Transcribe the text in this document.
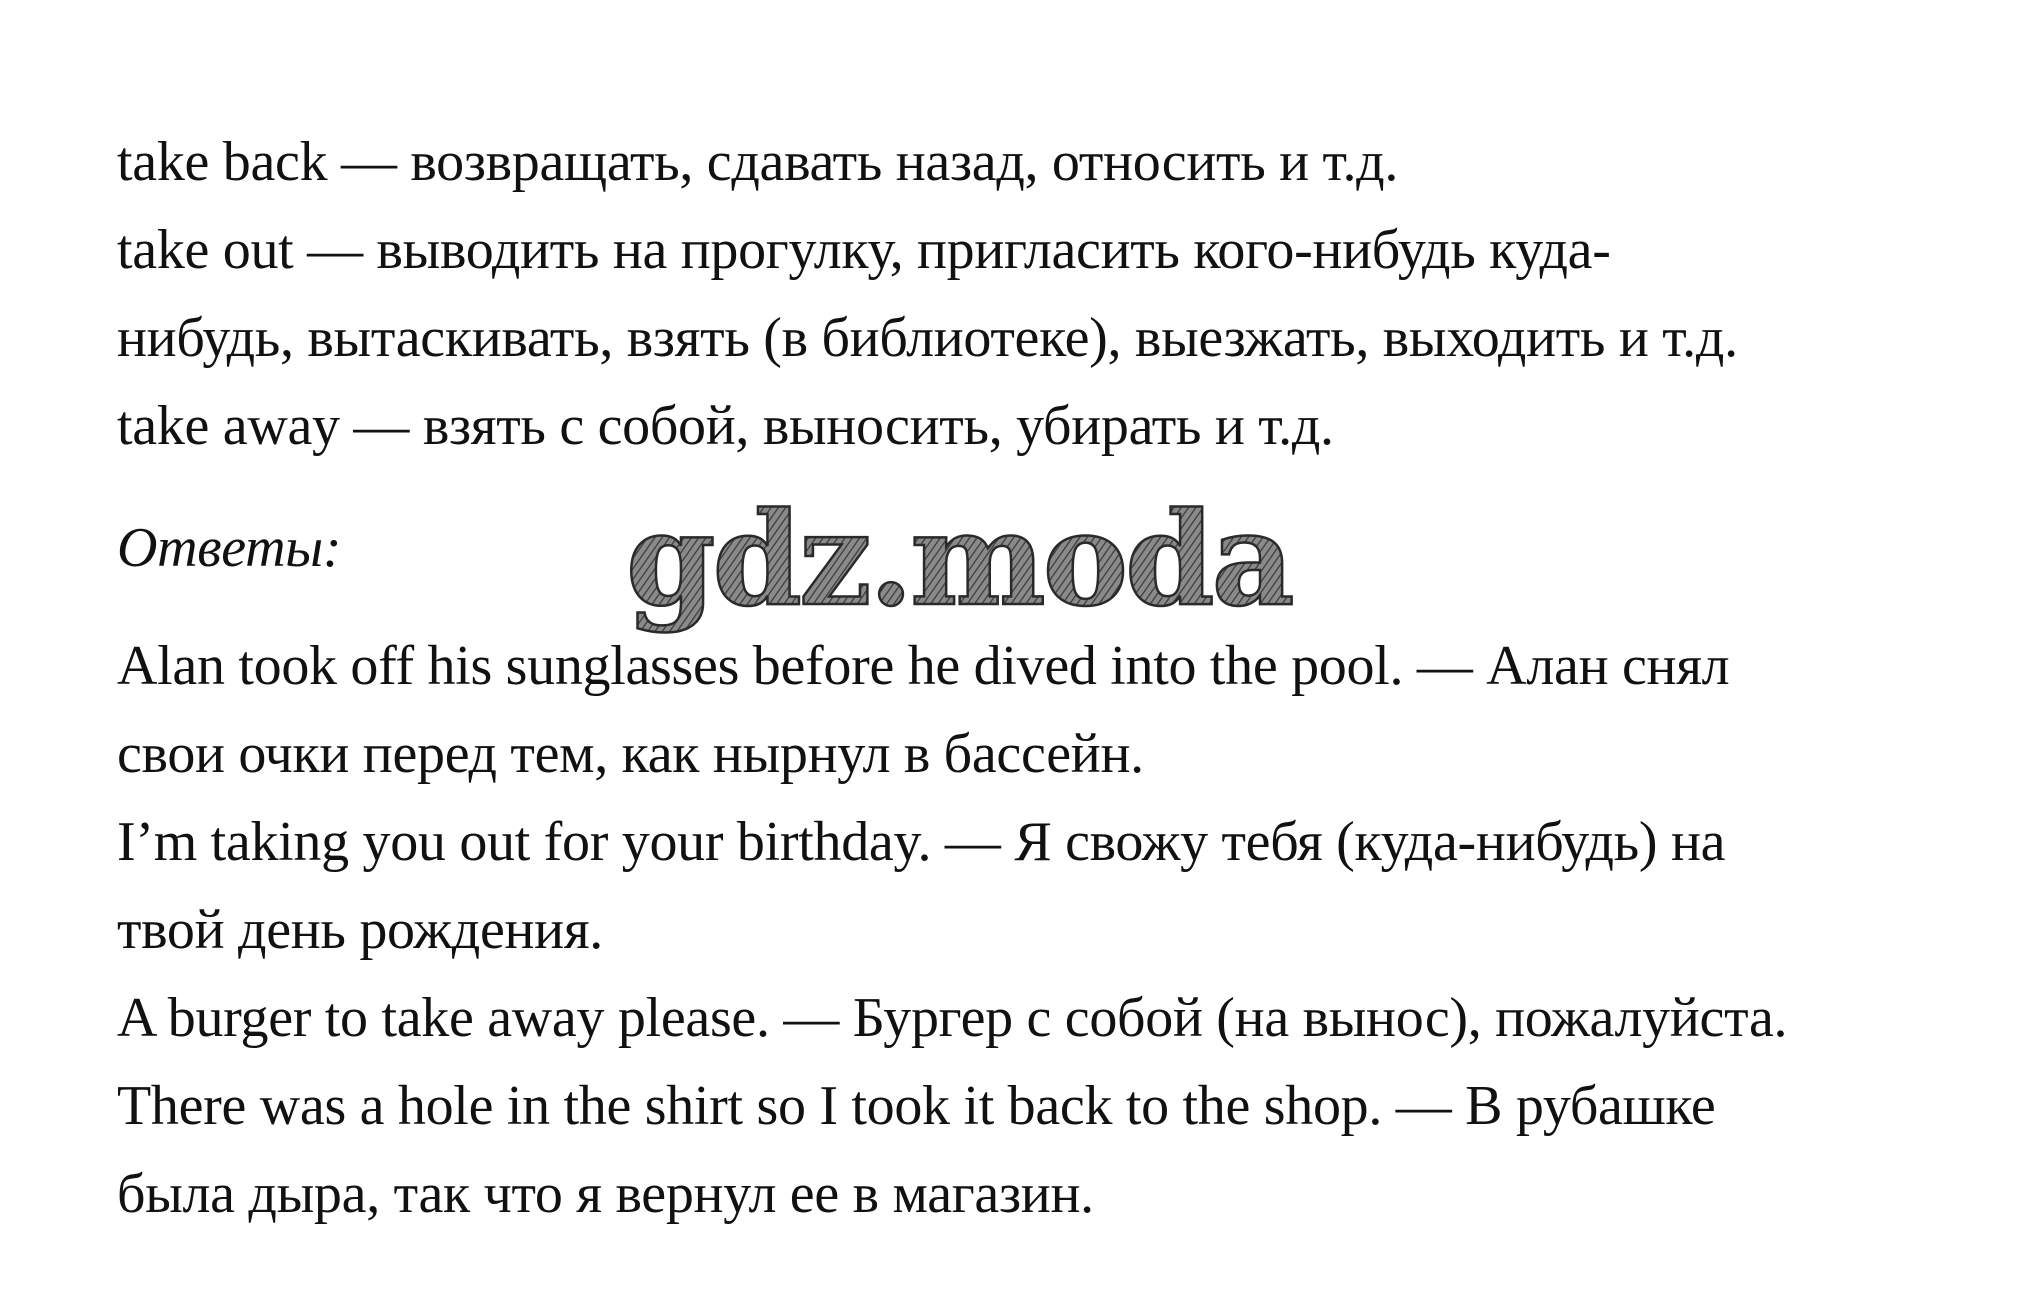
take back — возвращать, сдавать назад, относить и т.д.
take out — выводить на прогулку, пригласить кого-нибудь куда-
нибудь, вытаскивать, взять (в библиотеке), выезжать, выходить и т.д.
take away — взять с собой, выносить, убирать и т.д.
Ответы: gdz.moda
Alan took off his sunglasses before he dived into the pool. — Алан снял
свои очки перед тем, как нырнул в бассейн.
I’m taking you out for your birthday. — Я свожу тебя (куда-нибудь) на
твой день рождения.
A burger to take away please. — Бургер с собой (на вынос), пожалуйста.
There was a hole in the shirt so I took it back to the shop. — В рубашке
была дыра, так что я вернул ее в магазин.
